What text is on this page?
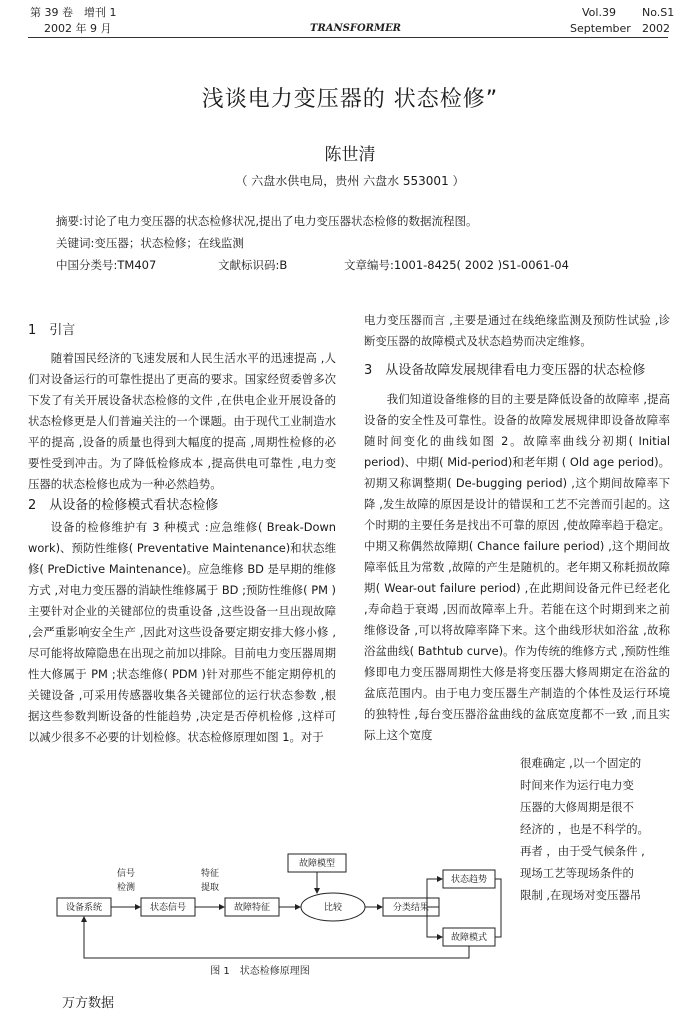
第 39 卷　增刊 1
2002 年 9 月	TRANSFORMER
Vol.39 No.S1
September 2002
浅谈电力变压器的 状态检修”
陈世清
（ 六盘水供电局，贵州 六盘水 553001 ）
摘要:讨论了电力变压器的状态检修状况,提出了电力变压器状态检修的数据流程图。
关键词:变压器；状态检修；在线监测
中国分类号:TM407	文献标识码:B	文章编号:1001-8425( 2002 )S1-0061-04

1　引言

随着国民经济的飞速发展和人民生活水平的迅速提高 ,人们对设备运行的可靠性提出了更高的要求。国家经贸委曾多次下发了有关开展设备状态检修的文件 ,在供电企业开展设备的状态检修更是人们普遍关注的一个课题。由于现代工业制造水平的提高 ,设备的质量也得到大幅度的提高 ,周期性检修的必要性受到冲击。为了降低检修成本 ,提高供电可靠性 ,电力变压器的状态检修也成为一种必然趋势。

2　从设备的检修模式看状态检修

设备的检修维护有 3 种模式 :应急维修( Break-Down work)、预防性维修( Preventative Maintenance)和状态维修( PreDictive Maintenance)。应急维修 BD 是早期的维修方式 ,对电力变压器的消缺性维修属于 BD ;预防性维修( PM )主要针对企业的关键部位的贵重设备 ,这些设备一旦出现故障 ,会严重影响安全生产 ,因此对这些设备要定期安排大修小修 ,尽可能将故障隐患在出现之前加以排除。目前电力变压器周期性大修属于 PM ;状态维修( PDM )针对那些不能定期停机的关键设备 ,可采用传感器收集各关键部位的运行状态参数 ,根据这些参数判断设备的性能趋势 ,决定是否停机检修 ,这样可以减少很多不必要的计划检修。状态检修原理如图 1。对于

电力变压器而言 ,主要是通过在线绝缘监测及预防性试验 ,诊断变压器的故障模式及状态趋势而决定维修。

3　从设备故障发展规律看电力变压器的状态检修

我们知道设备维修的目的主要是降低设备的故障率 ,提高设备的安全性及可靠性。设备的故障发展规律即设备故障率随时间变化的曲线如图 2。故障率曲线分初期( Initial period)、中期( Mid-period)和老年期 ( Old age period)。初期又称调整期( De-bugging period) ,这个期间故障率下降 ,发生故障的原因是设计的错误和工艺不完善而引起的。这个时期的主要任务是找出不可靠的原因 ,使故障率趋于稳定。中期又称偶然故障期( Chance failure period) ,这个期间故障率低且为常数 ,故障的产生是随机的。老年期又称耗损故障期( Wear-out failure period) ,在此期间设备元件已经老化 ,寿命趋于衰竭 ,因而故障率上升。若能在这个时期到来之前维修设备 ,可以将故障率降下来。这个曲线形状如浴盆 ,故称浴盆曲线( Bathtub curve)。作为传统的维修方式 ,预防性维修即电力变压器周期性大修是将变压器大修周期定在浴盆的盆底范围内。由于电力变压器生产制造的个体性及运行环境的独特性 ,每台变压器浴盆曲线的盆底宽度都不一致 ,而且实际上这个宽度

很难确定 ,以一个固定的
时间来作为运行电力变
压器的大修周期是很不
经济的 ，也是不科学的。
再者 ，由于受气候条件 ,
现场工艺等现场条件的
限制 ,在现场对变压器吊
设备系统	状态信号	故障特征	比较
故障模型
分类结果
状态趋势
故障模式
信号
检测
特征
提取
图 1　状态检修原理图
万方数据
